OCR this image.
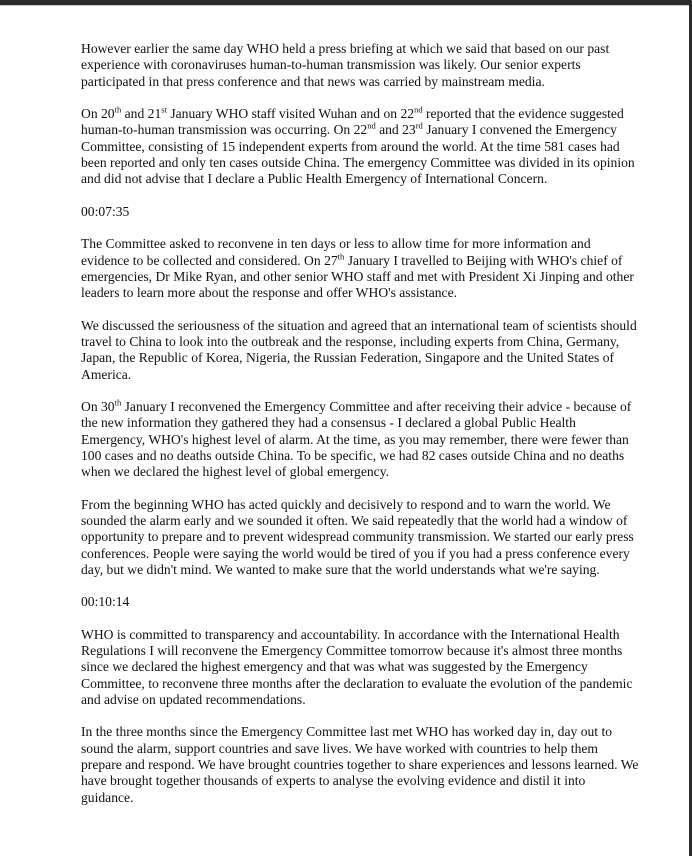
However earlier the same day WHO held a press briefing at which we said that based on our past experience with coronaviruses human-to-human transmission was likely. Our senior experts participated in that press conference and that news was carried by mainstream media.

On 20th and 21st January WHO staff visited Wuhan and on 22nd reported that the evidence suggested human-to-human transmission was occurring. On 22nd and 23rd January I convened the Emergency Committee, consisting of 15 independent experts from around the world. At the time 581 cases had been reported and only ten cases outside China. The emergency Committee was divided in its opinion and did not advise that I declare a Public Health Emergency of International Concern.

00:07:35

The Committee asked to reconvene in ten days or less to allow time for more information and evidence to be collected and considered. On 27th January I travelled to Beijing with WHO's chief of emergencies, Dr Mike Ryan, and other senior WHO staff and met with President Xi Jinping and other leaders to learn more about the response and offer WHO's assistance.

We discussed the seriousness of the situation and agreed that an international team of scientists should travel to China to look into the outbreak and the response, including experts from China, Germany, Japan, the Republic of Korea, Nigeria, the Russian Federation, Singapore and the United States of America.

On 30th January I reconvened the Emergency Committee and after receiving their advice - because of the new information they gathered they had a consensus - I declared a global Public Health Emergency, WHO's highest level of alarm. At the time, as you may remember, there were fewer than 100 cases and no deaths outside China. To be specific, we had 82 cases outside China and no deaths when we declared the highest level of global emergency.

From the beginning WHO has acted quickly and decisively to respond and to warn the world. We sounded the alarm early and we sounded it often. We said repeatedly that the world had a window of opportunity to prepare and to prevent widespread community transmission. We started our early press conferences. People were saying the world would be tired of you if you had a press conference every day, but we didn't mind. We wanted to make sure that the world understands what we're saying.

00:10:14

WHO is committed to transparency and accountability. In accordance with the International Health Regulations I will reconvene the Emergency Committee tomorrow because it's almost three months since we declared the highest emergency and that was what was suggested by the Emergency Committee, to reconvene three months after the declaration to evaluate the evolution of the pandemic and advise on updated recommendations.

In the three months since the Emergency Committee last met WHO has worked day in, day out to sound the alarm, support countries and save lives. We have worked with countries to help them prepare and respond. We have brought countries together to share experiences and lessons learned. We have brought together thousands of experts to analyse the evolving evidence and distil it into guidance.
